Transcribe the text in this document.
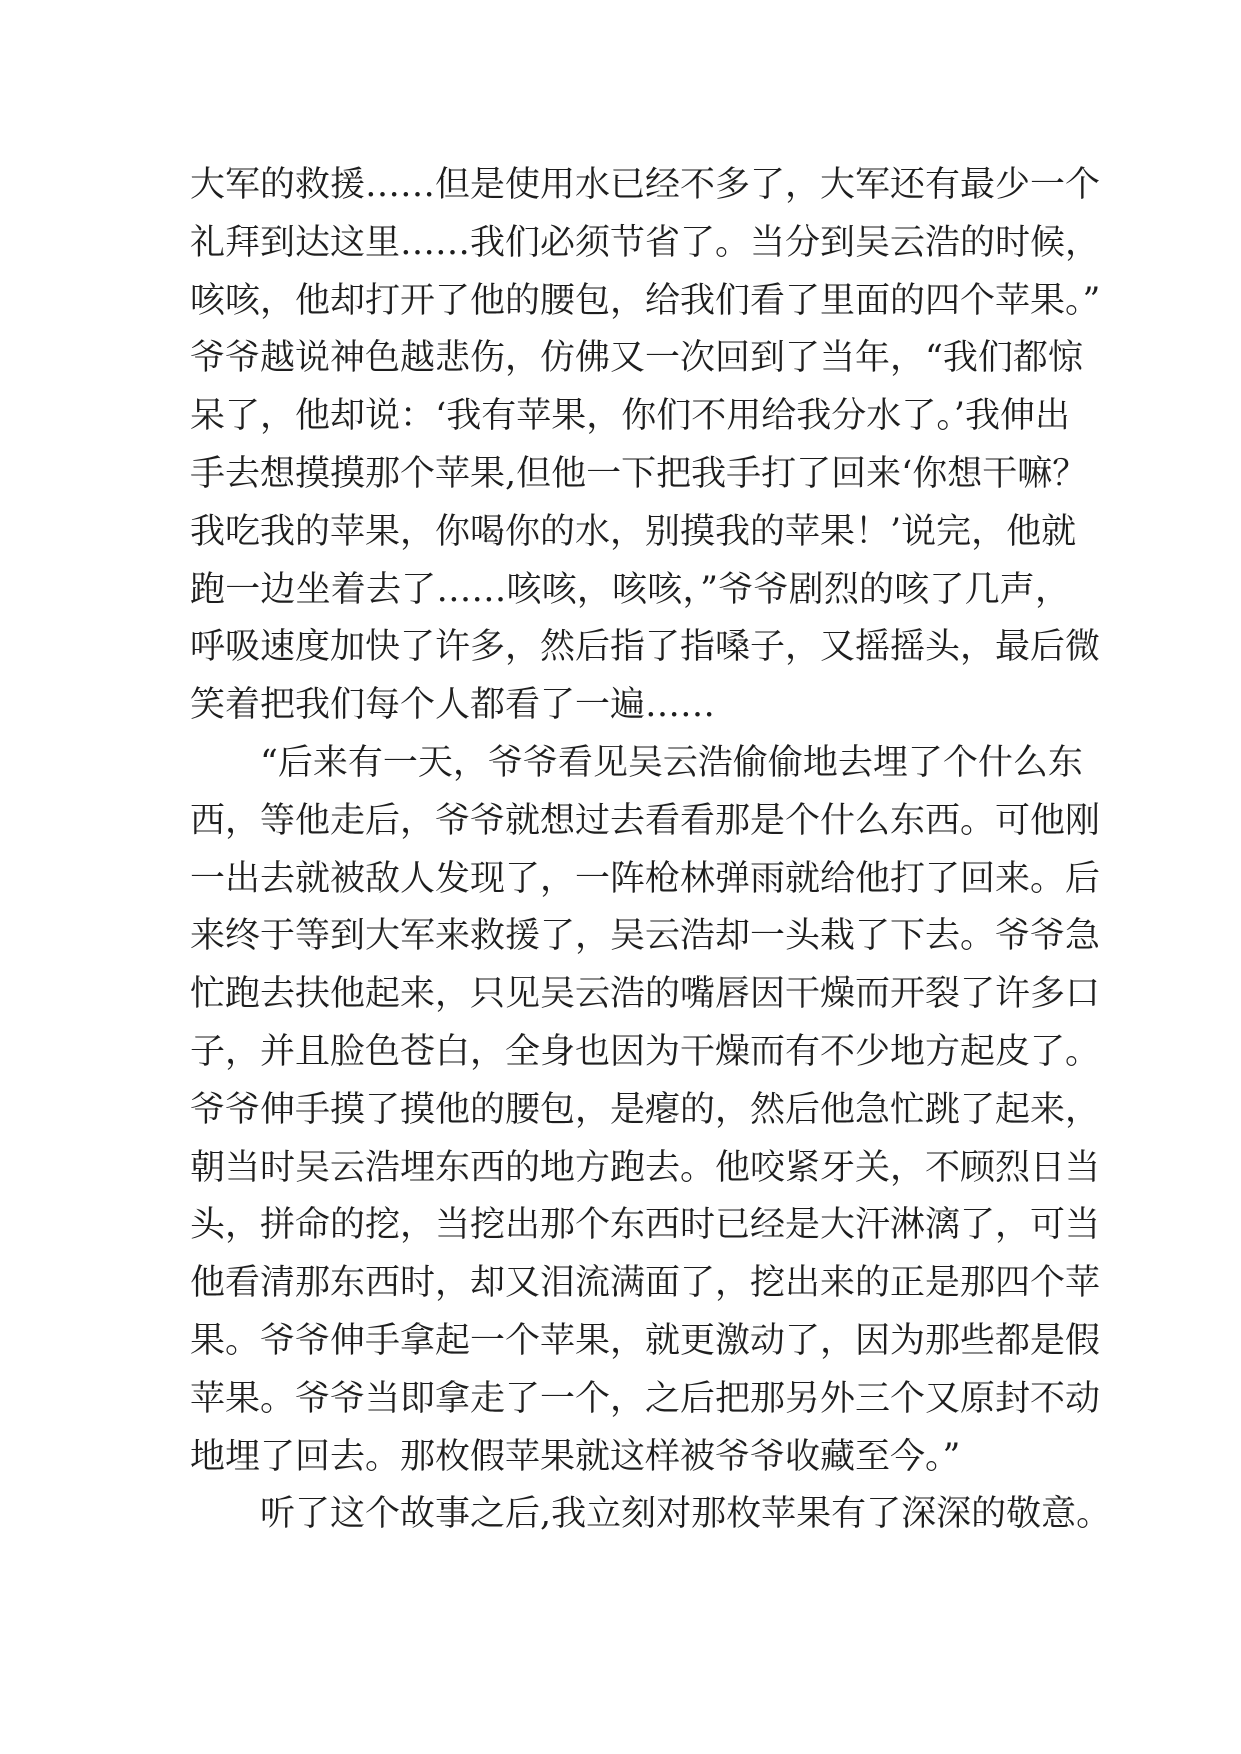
大军的救援……但是使用水已经不多了，大军还有最少一个
礼拜到达这里……我们必须节省了。当分到吴云浩的时候，
咳咳，他却打开了他的腰包，给我们看了里面的四个苹果。”
爷爷越说神色越悲伤，仿佛又一次回到了当年，“我们都惊
呆了，他却说：‘我有苹果，你们不用给我分水了。’我伸出
手去想摸摸那个苹果,但他一下把我手打了回来‘你想干嘛？
我吃我的苹果，你喝你的水，别摸我的苹果！’说完，他就
跑一边坐着去了……咳咳，咳咳，”爷爷剧烈的咳了几声，
呼吸速度加快了许多，然后指了指嗓子，又摇摇头，最后微
笑着把我们每个人都看了一遍……
“后来有一天，爷爷看见吴云浩偷偷地去埋了个什么东
西，等他走后，爷爷就想过去看看那是个什么东西。可他刚
一出去就被敌人发现了，一阵枪林弹雨就给他打了回来。后
来终于等到大军来救援了，吴云浩却一头栽了下去。爷爷急
忙跑去扶他起来，只见吴云浩的嘴唇因干燥而开裂了许多口
子，并且脸色苍白，全身也因为干燥而有不少地方起皮了。
爷爷伸手摸了摸他的腰包，是瘪的，然后他急忙跳了起来，
朝当时吴云浩埋东西的地方跑去。他咬紧牙关，不顾烈日当
头，拼命的挖，当挖出那个东西时已经是大汗淋漓了，可当
他看清那东西时，却又泪流满面了，挖出来的正是那四个苹
果。爷爷伸手拿起一个苹果，就更激动了，因为那些都是假
苹果。爷爷当即拿走了一个，之后把那另外三个又原封不动
地埋了回去。那枚假苹果就这样被爷爷收藏至今。”
听了这个故事之后,我立刻对那枚苹果有了深深的敬意。
